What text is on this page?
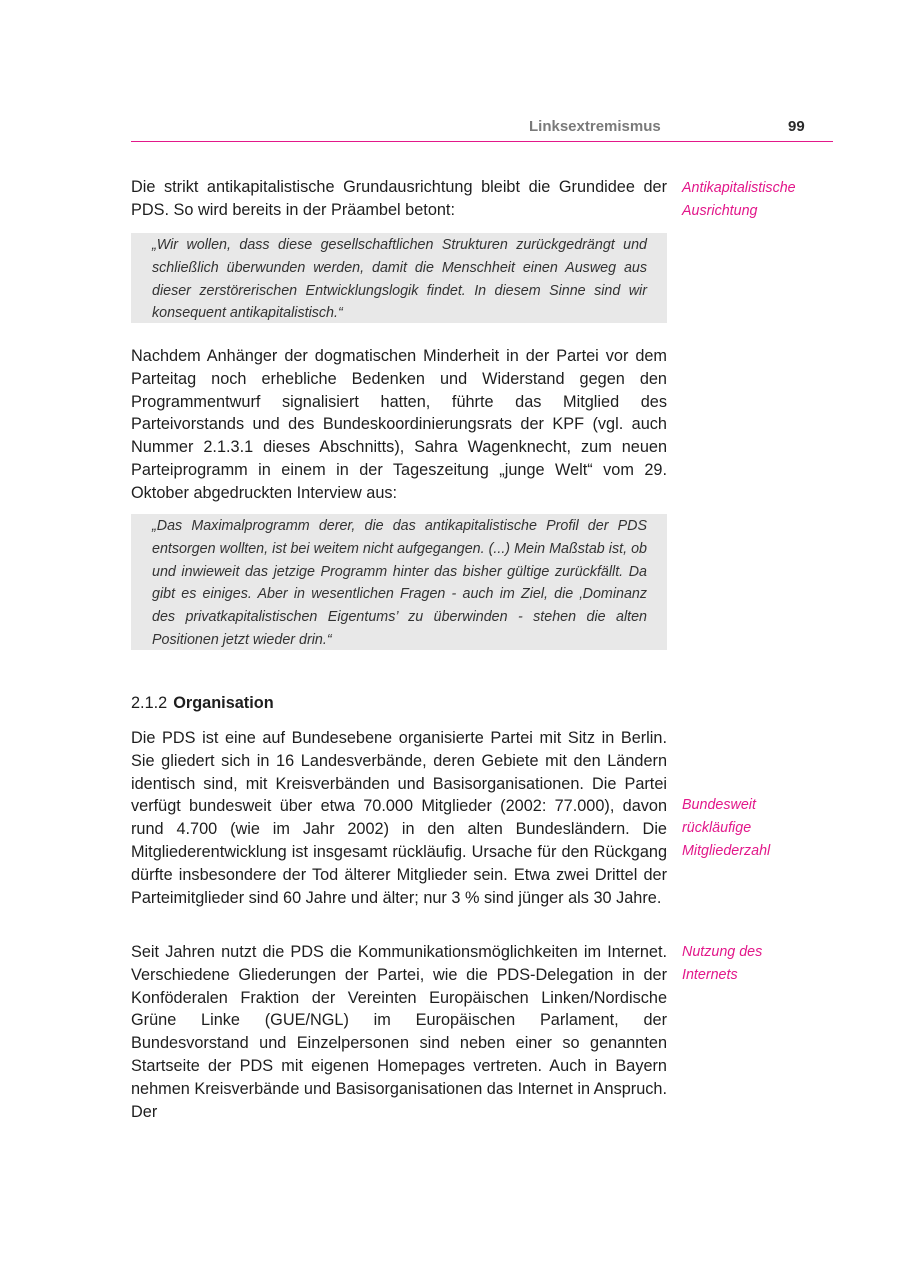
Linksextremismus	99

Die strikt antikapitalistische Grundausrichtung bleibt die Grundidee der PDS. So wird bereits in der Präambel betont:

Antikapitalistische
Ausrichtung
„Wir wollen, dass diese gesellschaftlichen Strukturen zurückgedrängt und schließlich überwunden werden, damit die Menschheit einen Ausweg aus dieser zerstörerischen Entwicklungslogik findet. In diesem Sinne sind wir konsequent antikapitalistisch.“

Nachdem Anhänger der dogmatischen Minderheit in der Partei vor dem Parteitag noch erhebliche Bedenken und Widerstand gegen den Programmentwurf signalisiert hatten, führte das Mitglied des Parteivorstands und des Bundeskoordinierungsrats der KPF (vgl. auch Nummer 2.1.3.1 dieses Abschnitts), Sahra Wagenknecht, zum neuen Parteiprogramm in einem in der Tageszeitung „junge Welt“ vom 29. Oktober abgedruckten Interview aus:

„Das Maximalprogramm derer, die das antikapitalistische Profil der PDS entsorgen wollten, ist bei weitem nicht aufgegangen. (...) Mein Maßstab ist, ob und inwieweit das jetzige Programm hinter das bisher gültige zurückfällt. Da gibt es einiges. Aber in wesentlichen Fragen - auch im Ziel, die ‚Dominanz des privatkapitalistischen Eigentums’ zu überwinden - stehen die alten Positionen jetzt wieder drin.“
2.1.2 Organisation

Die PDS ist eine auf Bundesebene organisierte Partei mit Sitz in Berlin. Sie gliedert sich in 16 Landesverbände, deren Gebiete mit den Ländern identisch sind, mit Kreisverbänden und Basisorganisationen. Die Partei verfügt bundesweit über etwa 70.000 Mitglieder (2002: 77.000), davon rund 4.700 (wie im Jahr 2002) in den alten Bundesländern. Die Mitgliederentwicklung ist insgesamt rückläufig. Ursache für den Rückgang dürfte insbesondere der Tod älterer Mitglieder sein. Etwa zwei Drittel der Parteimitglieder sind 60 Jahre und älter; nur 3 % sind jünger als 30 Jahre.

Bundesweit
rückläufige
Mitgliederzahl

Seit Jahren nutzt die PDS die Kommunikationsmöglichkeiten im Internet. Verschiedene Gliederungen der Partei, wie die PDS-Delegation in der Konföderalen Fraktion der Vereinten Europäischen Linken/Nordische Grüne Linke (GUE/NGL) im Europäischen Parlament, der Bundesvorstand und Einzelpersonen sind neben einer so genannten Startseite der PDS mit eigenen Homepages vertreten. Auch in Bayern nehmen Kreisverbände und Basisorganisationen das Internet in Anspruch. Der

Nutzung des
Internets
